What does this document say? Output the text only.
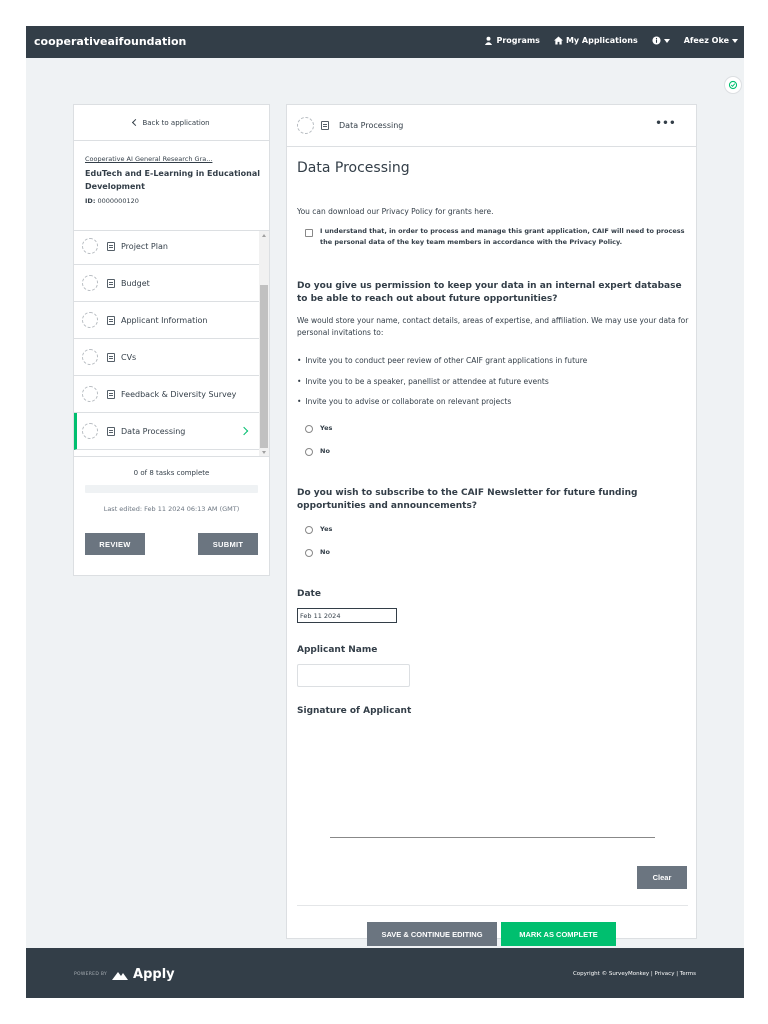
cooperativeaifoundation	Programs	My Applications	Afeez Oke
Back to application
Cooperative AI General Research Gra...
EduTech and E-Learning in Educational Development
ID: 0000000120
Project Plan
Budget
Applicant Information
CVs
Feedback & Diversity Survey
Data Processing
0 of 8 tasks complete
Last edited: Feb 11 2024 06:13 AM (GMT)
REVIEW	SUBMIT
Data Processing	•••
Data Processing
You can download our Privacy Policy for grants here.
I understand that, in order to process and manage this grant application, CAIF will need to process the personal data of the key team members in accordance with the Privacy Policy.
Do you give us permission to keep your data in an internal expert database to be able to reach out about future opportunities?
We would store your name, contact details, areas of expertise, and affiliation. We may use your data for personal invitations to:
• Invite you to conduct peer review of other CAIF grant applications in future
• Invite you to be a speaker, panellist or attendee at future events
• Invite you to advise or collaborate on relevant projects
Yes
No
Do you wish to subscribe to the CAIF Newsletter for future funding opportunities and announcements?
Yes
No
Date
Feb 11 2024
Applicant Name
Signature of Applicant
Clear
SAVE & CONTINUE EDITING	MARK AS COMPLETE
POWERED BY Apply	Copyright © SurveyMonkey | Privacy | Terms
